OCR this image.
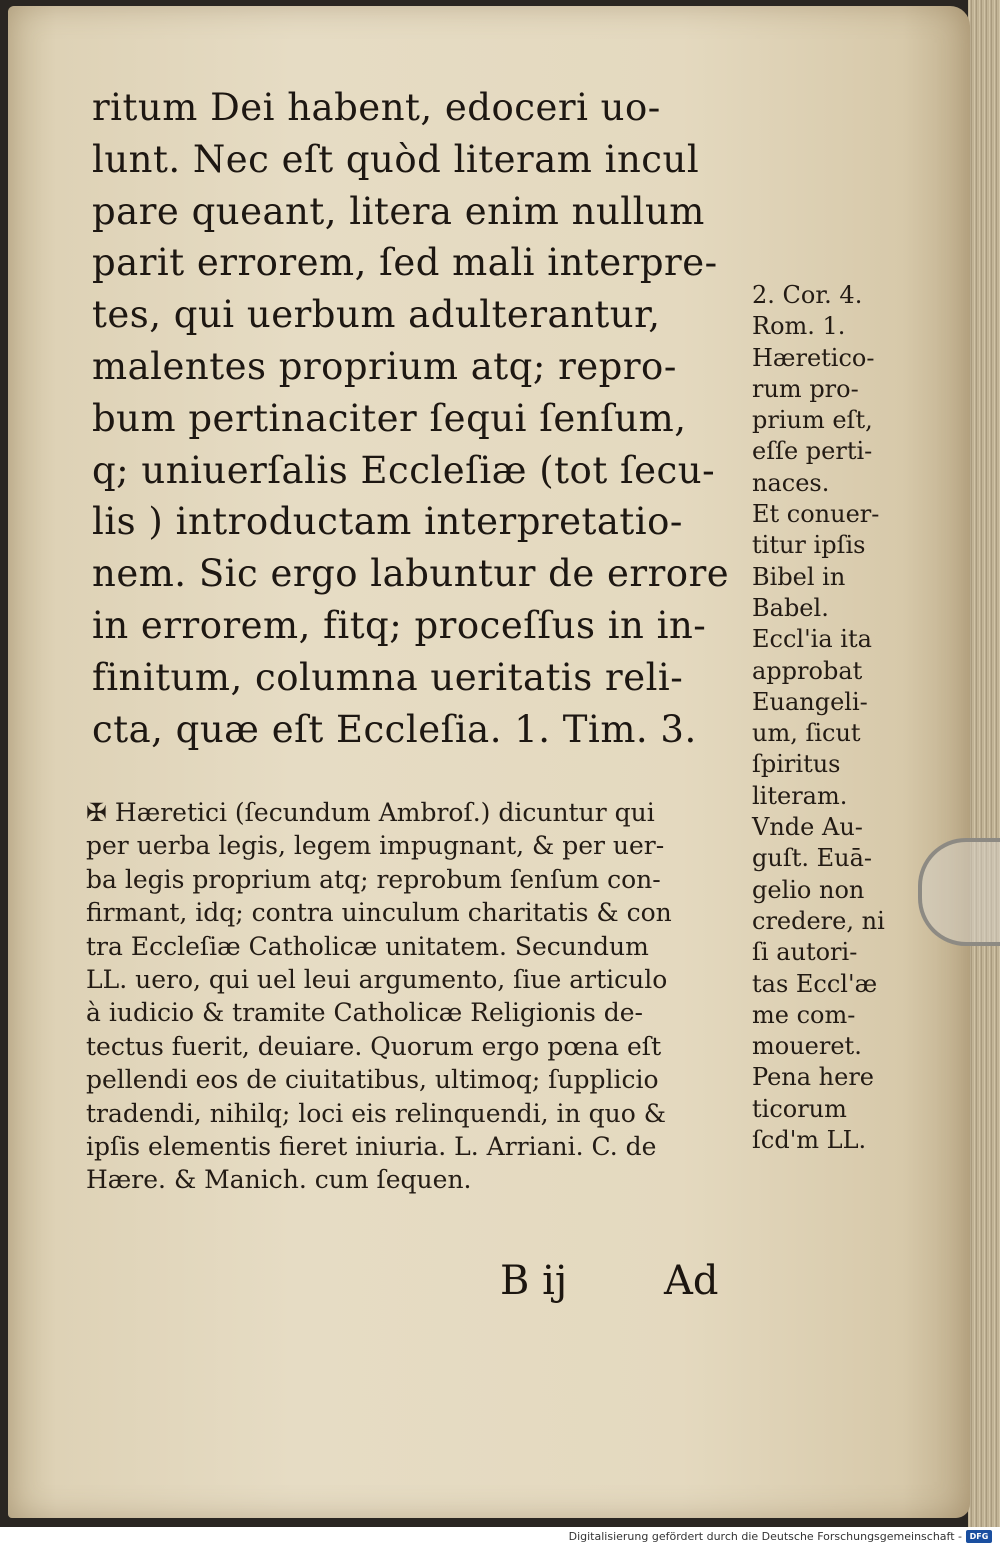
ritum Dei habent, edoceri uo-
lunt. Nec eſt quòd literam incul
pare queant, litera enim nullum
parit errorem, ſed mali interpre-
tes, qui uerbum adulterantur,
malentes proprium atq; repro-
bum pertinaciter ſequi ſenſum,
q; uniuerſalis Eccleſiæ (tot ſecu-
lis ) introductam interpretatio-
nem. Sic ergo labuntur de errore
in errorem, fitq; proceſſus in in-
finitum, columna ueritatis reli-
cta, quæ eſt Eccleſia. 1. Tim. 3.
✠ Hæretici (ſecundum Ambroſ.) dicuntur qui
per uerba legis, legem impugnant, & per uer-
ba legis proprium atq; reprobum ſenſum con-
firmant, idq; contra uinculum charitatis & con
tra Eccleſiæ Catholicæ unitatem. Secundum
LL. uero, qui uel leui argumento, ſiue articulo
à iudicio & tramite Catholicæ Religionis de-
tectus fuerit, deuiare. Quorum ergo pœna eſt
pellendi eos de ciuitatibus, ultimoq; ſupplicio
tradendi, nihilq; loci eis relinquendi, in quo &
ipſis elementis fieret iniuria. L. Arriani. C. de
Hære. & Manich. cum ſequen.
2. Cor. 4.
Rom. 1.
Hæretico-
rum pro-
prium eſt,
eſſe perti-
naces.
Et conuer-
titur ipſis
Bibel in
Babel.
Eccl'ia ita
approbat
Euangeli-
um, ſicut
ſpiritus
literam.
Vnde Au-
guſt. Euā-
gelio non
credere, ni
ſi autori-
tas Eccl'æ
me com-
moueret.
Pena here
ticorum
ſcd'm LL.
B ij Ad
Digitalisierung gefördert durch die Deutsche Forschungsgemeinschaft - DFG
